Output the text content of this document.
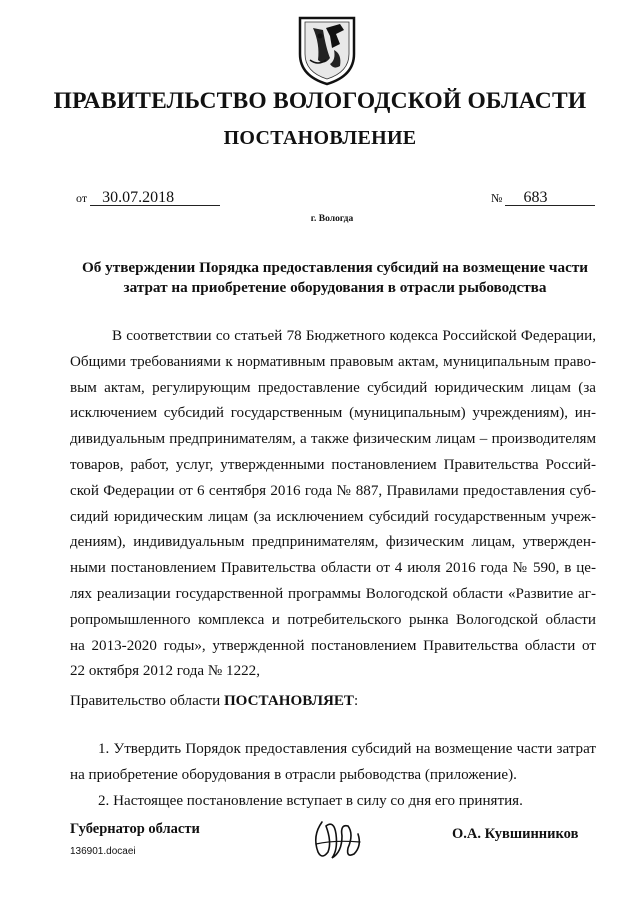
ПРАВИТЕЛЬСТВО ВОЛОГОДСКОЙ ОБЛАСТИ
ПОСТАНОВЛЕНИЕ
от 30.07.2018	№ 683
г. Вологда
Об утверждении Порядка предоставления субсидий на возмещение части
затрат на приобретение оборудования в отрасли рыбоводства
В соответствии со статьей 78 Бюджетного кодекса Российской Федерации,
Общими требованиями к нормативным правовым актам, муниципальным право-
вым актам, регулирующим предоставление субсидий юридическим лицам (за
исключением субсидий государственным (муниципальным) учреждениям), ин-
дивидуальным предпринимателям, а также физическим лицам – производителям
товаров, работ, услуг, утвержденными постановлением Правительства Россий-
ской Федерации от 6 сентября 2016 года № 887, Правилами предоставления суб-
сидий юридическим лицам (за исключением субсидий государственным учреж-
дениям), индивидуальным предпринимателям, физическим лицам, утвержден-
ными постановлением Правительства области от 4 июля 2016 года № 590, в це-
лях реализации государственной программы Вологодской области «Развитие аг-
ропромышленного комплекса и потребительского рынка Вологодской области
на 2013-2020 годы», утвержденной постановлением Правительства области от
22 октября 2012 года № 1222,
Правительство области ПОСТАНОВЛЯЕТ:
1. Утвердить Порядок предоставления субсидий на возмещение части затрат
на приобретение оборудования в отрасли рыбоводства (приложение).
2. Настоящее постановление вступает в силу со дня его принятия.
Губернатор области
136901.docaei
О.А. Кувшинников
